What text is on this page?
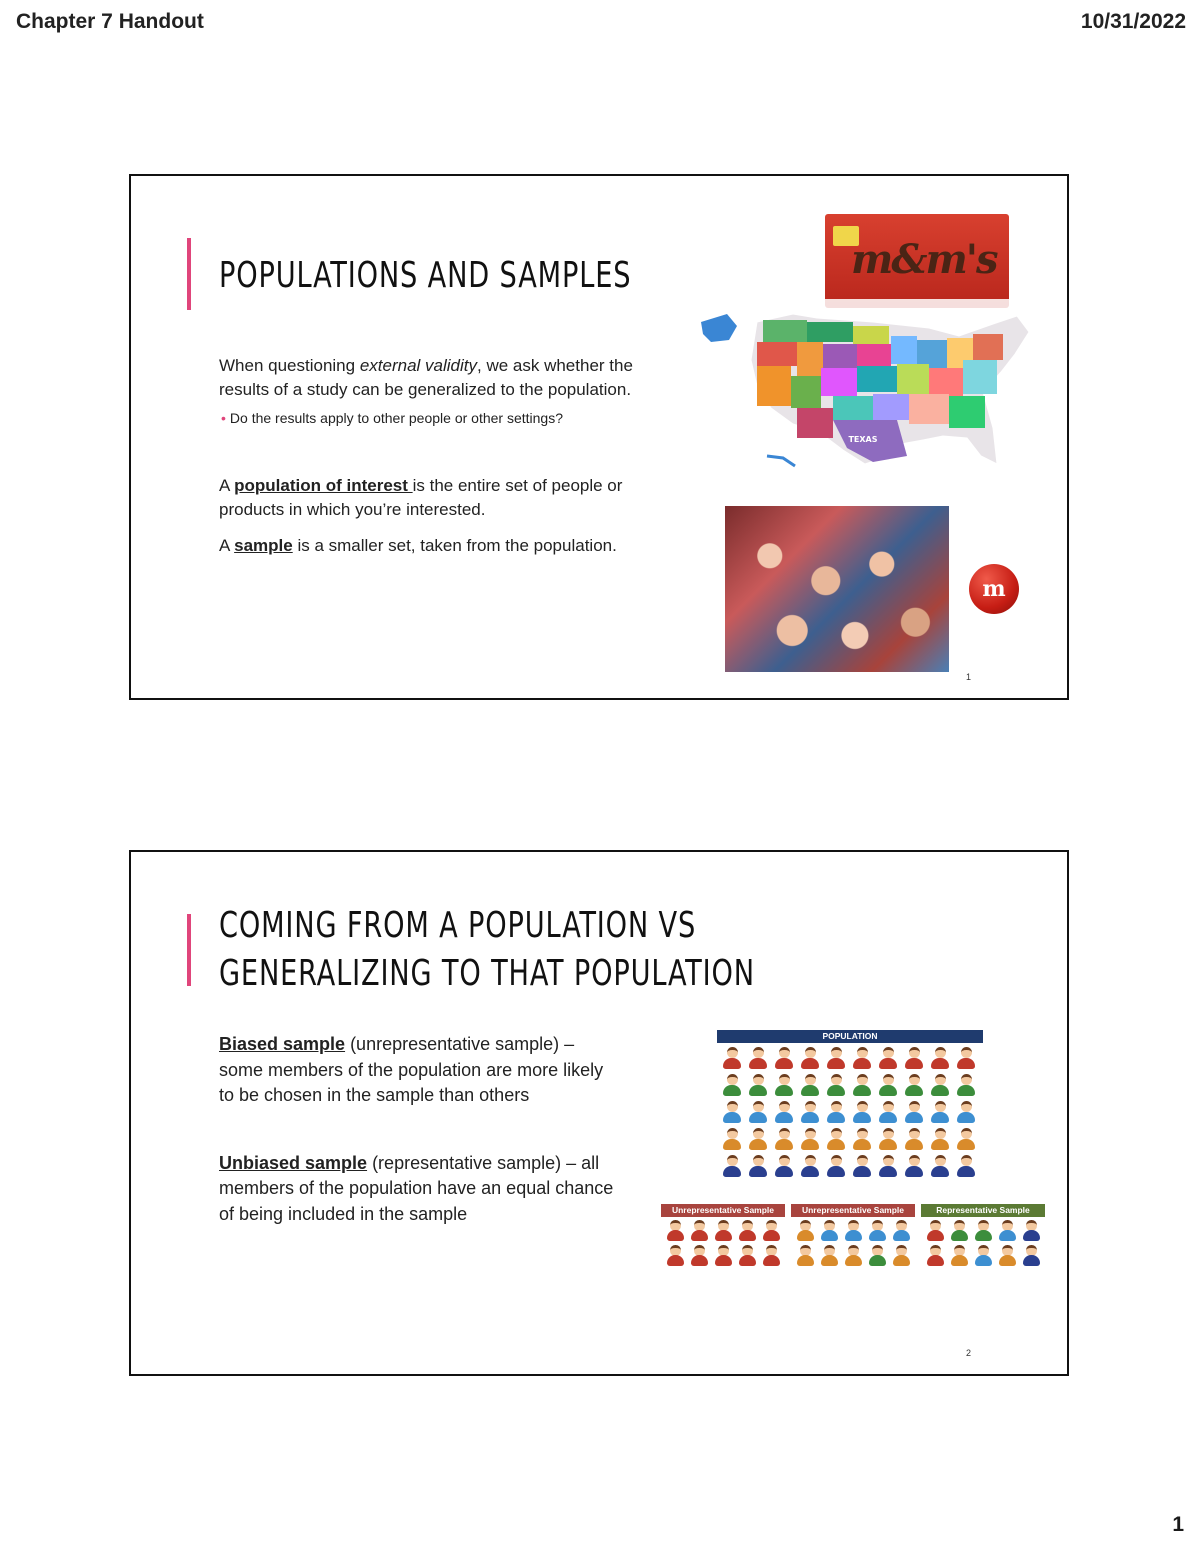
Chapter 7 Handout	10/31/2022
POPULATIONS AND SAMPLES

When questioning external validity, we ask whether the results of a study can be generalized to the population.

• Do the results apply to other people or other settings?

A population of interest is the entire set of people or products in which you’re interested.

A sample is a smaller set, taken from the population.

m&m's
TEXAS
m
1
COMING FROM A POPULATION VS
GENERALIZING TO THAT POPULATION

Biased sample (unrepresentative sample) – some members of the population are more likely to be chosen in the sample than others

Unbiased sample (representative sample) – all members of the population have an equal chance of being included in the sample

POPULATION
Unrepresentative Sample	Unrepresentative Sample	Representative Sample
2
1
